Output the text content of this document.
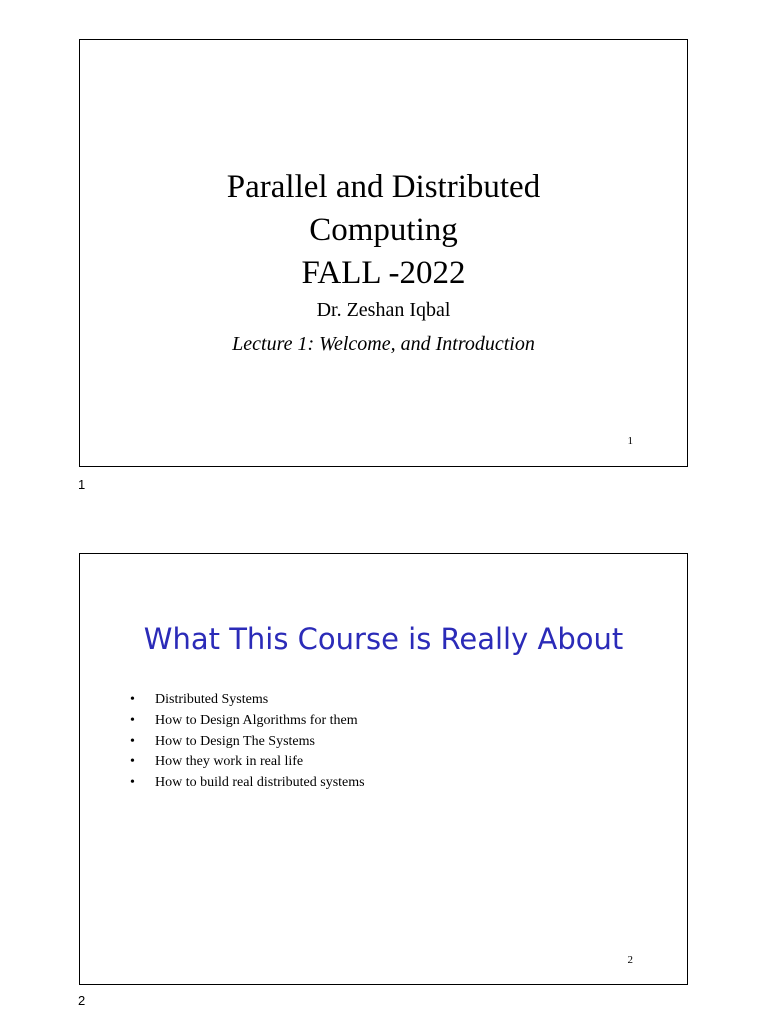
Parallel and Distributed
Computing
FALL -2022
Dr. Zeshan Iqbal
Lecture 1: Welcome, and Introduction
1
1
What This Course is Really About
• Distributed Systems
• How to Design Algorithms for them
• How to Design The Systems
• How they work in real life
• How to build real distributed systems
2
2
